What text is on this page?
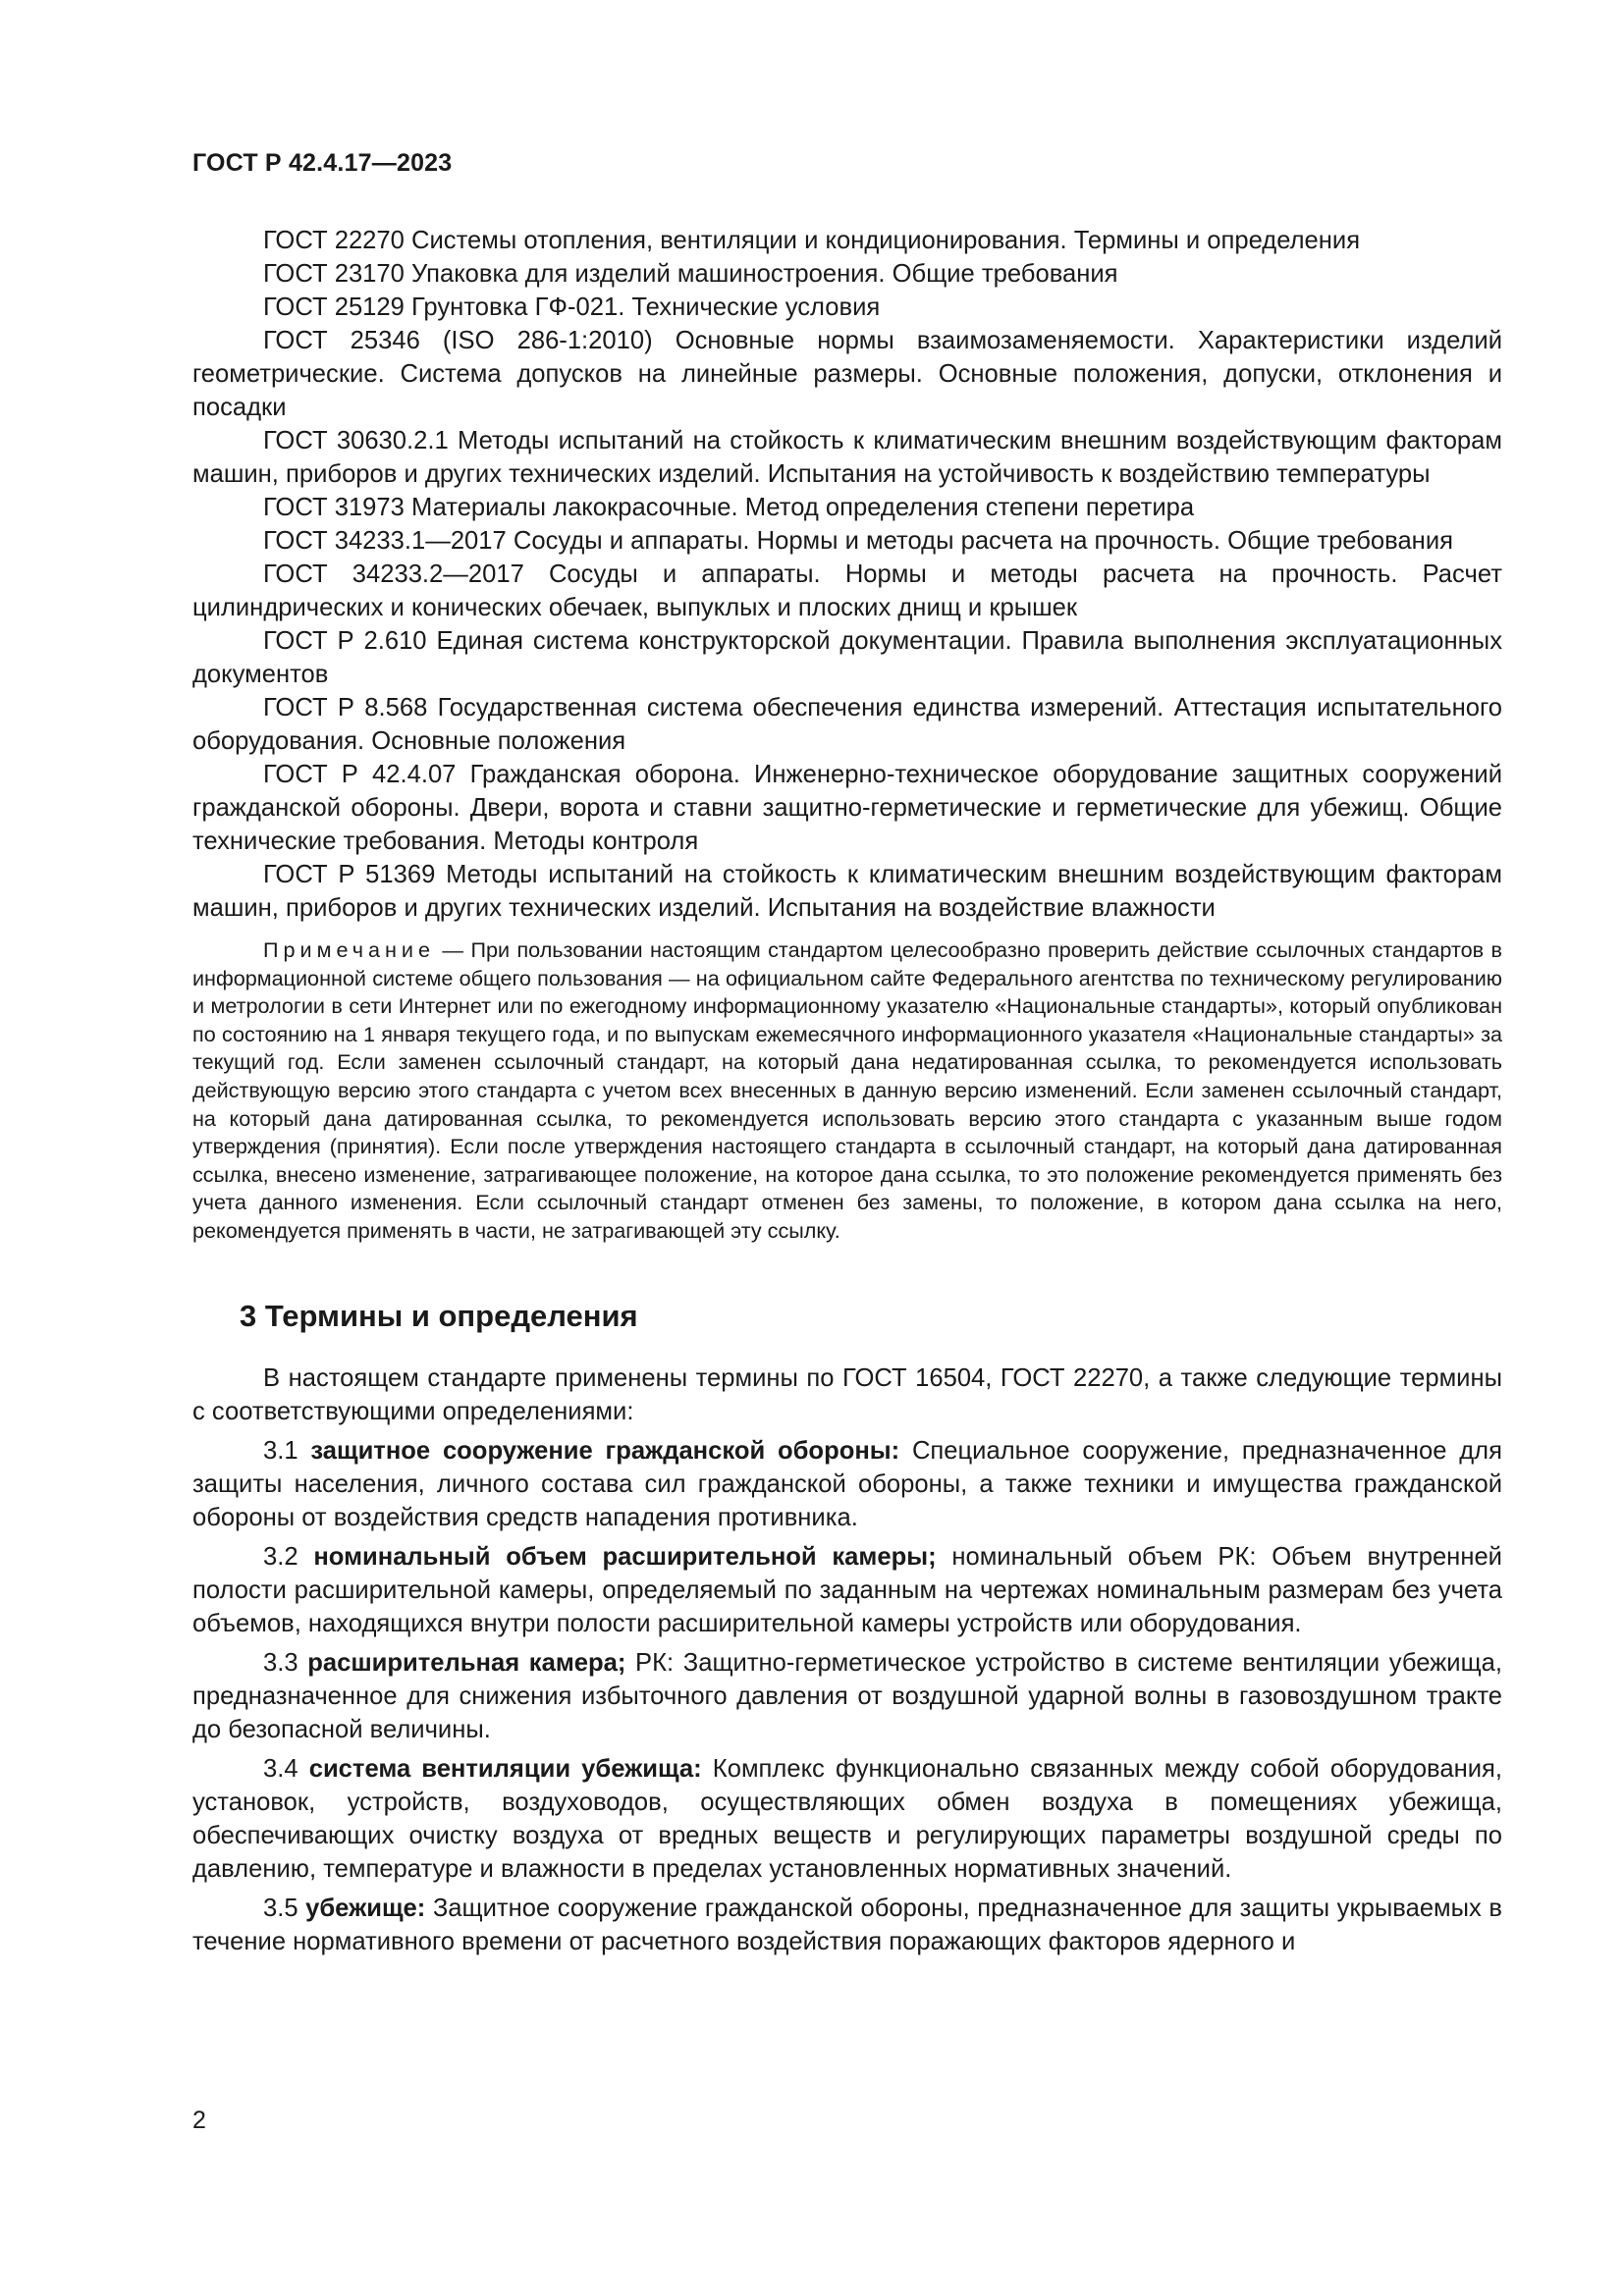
ГОСТ Р 42.4.17—2023

ГОСТ 22270 Системы отопления, вентиляции и кондиционирования. Термины и определения

ГОСТ 23170 Упаковка для изделий машиностроения. Общие требования

ГОСТ 25129 Грунтовка ГФ-021. Технические условия

ГОСТ 25346 (ISO 286-1:2010) Основные нормы взаимозаменяемости. Характеристики изделий геометрические. Система допусков на линейные размеры. Основные положения, допуски, отклонения и посадки

ГОСТ 30630.2.1 Методы испытаний на стойкость к климатическим внешним воздействующим факторам машин, приборов и других технических изделий. Испытания на устойчивость к воздействию температуры

ГОСТ 31973 Материалы лакокрасочные. Метод определения степени перетира

ГОСТ 34233.1—2017 Сосуды и аппараты. Нормы и методы расчета на прочность. Общие требования

ГОСТ 34233.2—2017 Сосуды и аппараты. Нормы и методы расчета на прочность. Расчет цилиндрических и конических обечаек, выпуклых и плоских днищ и крышек

ГОСТ Р 2.610 Единая система конструкторской документации. Правила выполнения эксплуатационных документов

ГОСТ Р 8.568 Государственная система обеспечения единства измерений. Аттестация испытательного оборудования. Основные положения

ГОСТ Р 42.4.07 Гражданская оборона. Инженерно-техническое оборудование защитных сооружений гражданской обороны. Двери, ворота и ставни защитно-герметические и герметические для убежищ. Общие технические требования. Методы контроля

ГОСТ Р 51369 Методы испытаний на стойкость к климатическим внешним воздействующим факторам машин, приборов и других технических изделий. Испытания на воздействие влажности

Примечание — При пользовании настоящим стандартом целесообразно проверить действие ссылочных стандартов в информационной системе общего пользования — на официальном сайте Федерального агентства по техническому регулированию и метрологии в сети Интернет или по ежегодному информационному указателю «Национальные стандарты», который опубликован по состоянию на 1 января текущего года, и по выпускам ежемесячного информационного указателя «Национальные стандарты» за текущий год. Если заменен ссылочный стандарт, на который дана недатированная ссылка, то рекомендуется использовать действующую версию этого стандарта с учетом всех внесенных в данную версию изменений. Если заменен ссылочный стандарт, на который дана датированная ссылка, то рекомендуется использовать версию этого стандарта с указанным выше годом утверждения (принятия). Если после утверждения настоящего стандарта в ссылочный стандарт, на который дана датированная ссылка, внесено изменение, затрагивающее положение, на которое дана ссылка, то это положение рекомендуется применять без учета данного изменения. Если ссылочный стандарт отменен без замены, то положение, в котором дана ссылка на него, рекомендуется применять в части, не затрагивающей эту ссылку.

3 Термины и определения

В настоящем стандарте применены термины по ГОСТ 16504, ГОСТ 22270, а также следующие термины с соответствующими определениями:

3.1 защитное сооружение гражданской обороны: Специальное сооружение, предназначенное для защиты населения, личного состава сил гражданской обороны, а также техники и имущества гражданской обороны от воздействия средств нападения противника.

3.2 номинальный объем расширительной камеры; номинальный объем РК: Объем внутренней полости расширительной камеры, определяемый по заданным на чертежах номинальным размерам без учета объемов, находящихся внутри полости расширительной камеры устройств или оборудования.

3.3 расширительная камера; РК: Защитно-герметическое устройство в системе вентиляции убежища, предназначенное для снижения избыточного давления от воздушной ударной волны в газовоздушном тракте до безопасной величины.

3.4 система вентиляции убежища: Комплекс функционально связанных между собой оборудования, установок, устройств, воздуховодов, осуществляющих обмен воздуха в помещениях убежища, обеспечивающих очистку воздуха от вредных веществ и регулирующих параметры воздушной среды по давлению, температуре и влажности в пределах установленных нормативных значений.

3.5 убежище: Защитное сооружение гражданской обороны, предназначенное для защиты укрываемых в течение нормативного времени от расчетного воздействия поражающих факторов ядерного и

2
